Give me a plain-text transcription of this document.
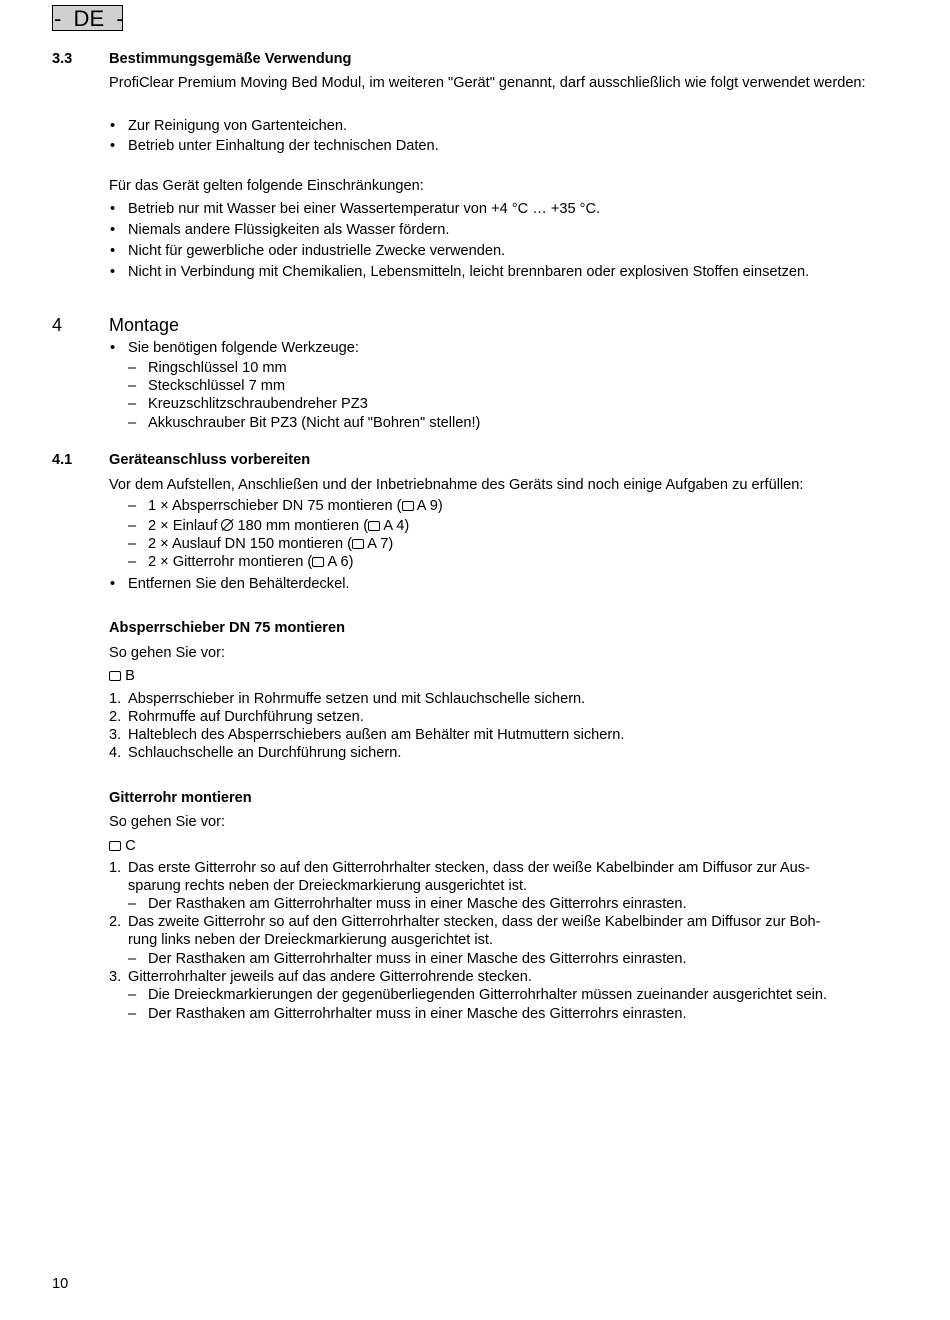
-  DE  -
3.3	Bestimmungsgemäße Verwendung
ProfiClear Premium Moving Bed Modul, im weiteren "Gerät" genannt, darf ausschließlich wie folgt verwendet werden:
• Zur Reinigung von Gartenteichen.
• Betrieb unter Einhaltung der technischen Daten.
Für das Gerät gelten folgende Einschränkungen:
• Betrieb nur mit Wasser bei einer Wassertemperatur von +4 °C … +35 °C.
• Niemals andere Flüssigkeiten als Wasser fördern.
• Nicht für gewerbliche oder industrielle Zwecke verwenden.
• Nicht in Verbindung mit Chemikalien, Lebensmitteln, leicht brennbaren oder explosiven Stoffen einsetzen.
4	Montage
• Sie benötigen folgende Werkzeuge:
– Ringschlüssel 10 mm
– Steckschlüssel 7 mm
– Kreuzschlitzschraubendreher PZ3
– Akkuschrauber Bit PZ3 (Nicht auf "Bohren" stellen!)
4.1	Geräteanschluss vorbereiten
Vor dem Aufstellen, Anschließen und der Inbetriebnahme des Geräts sind noch einige Aufgaben zu erfüllen:
– 1 × Absperrschieber DN 75 montieren ( A 9)
– 2 × Einlauf  180 mm montieren ( A 4)
– 2 × Auslauf DN 150 montieren ( A 7)
– 2 × Gitterrohr montieren ( A 6)
• Entfernen Sie den Behälterdeckel.
Absperrschieber DN 75 montieren
So gehen Sie vor:
B
1. Absperrschieber in Rohrmuffe setzen und mit Schlauchschelle sichern.
2. Rohrmuffe auf Durchführung setzen.
3. Halteblech des Absperrschiebers außen am Behälter mit Hutmuttern sichern.
4. Schlauchschelle an Durchführung sichern.
Gitterrohr montieren
So gehen Sie vor:
C
1. Das erste Gitterrohr so auf den Gitterrohrhalter stecken, dass der weiße Kabelbinder am Diffusor zur Aus-
sparung rechts neben der Dreieckmarkierung ausgerichtet ist.
– Der Rasthaken am Gitterrohrhalter muss in einer Masche des Gitterrohrs einrasten.
2. Das zweite Gitterrohr so auf den Gitterrohrhalter stecken, dass der weiße Kabelbinder am Diffusor zur Boh-
rung links neben der Dreieckmarkierung ausgerichtet ist.
– Der Rasthaken am Gitterrohrhalter muss in einer Masche des Gitterrohrs einrasten.
3. Gitterrohrhalter jeweils auf das andere Gitterrohrende stecken.
– Die Dreieckmarkierungen der gegenüberliegenden Gitterrohrhalter müssen zueinander ausgerichtet sein.
– Der Rasthaken am Gitterrohrhalter muss in einer Masche des Gitterrohrs einrasten.
10
